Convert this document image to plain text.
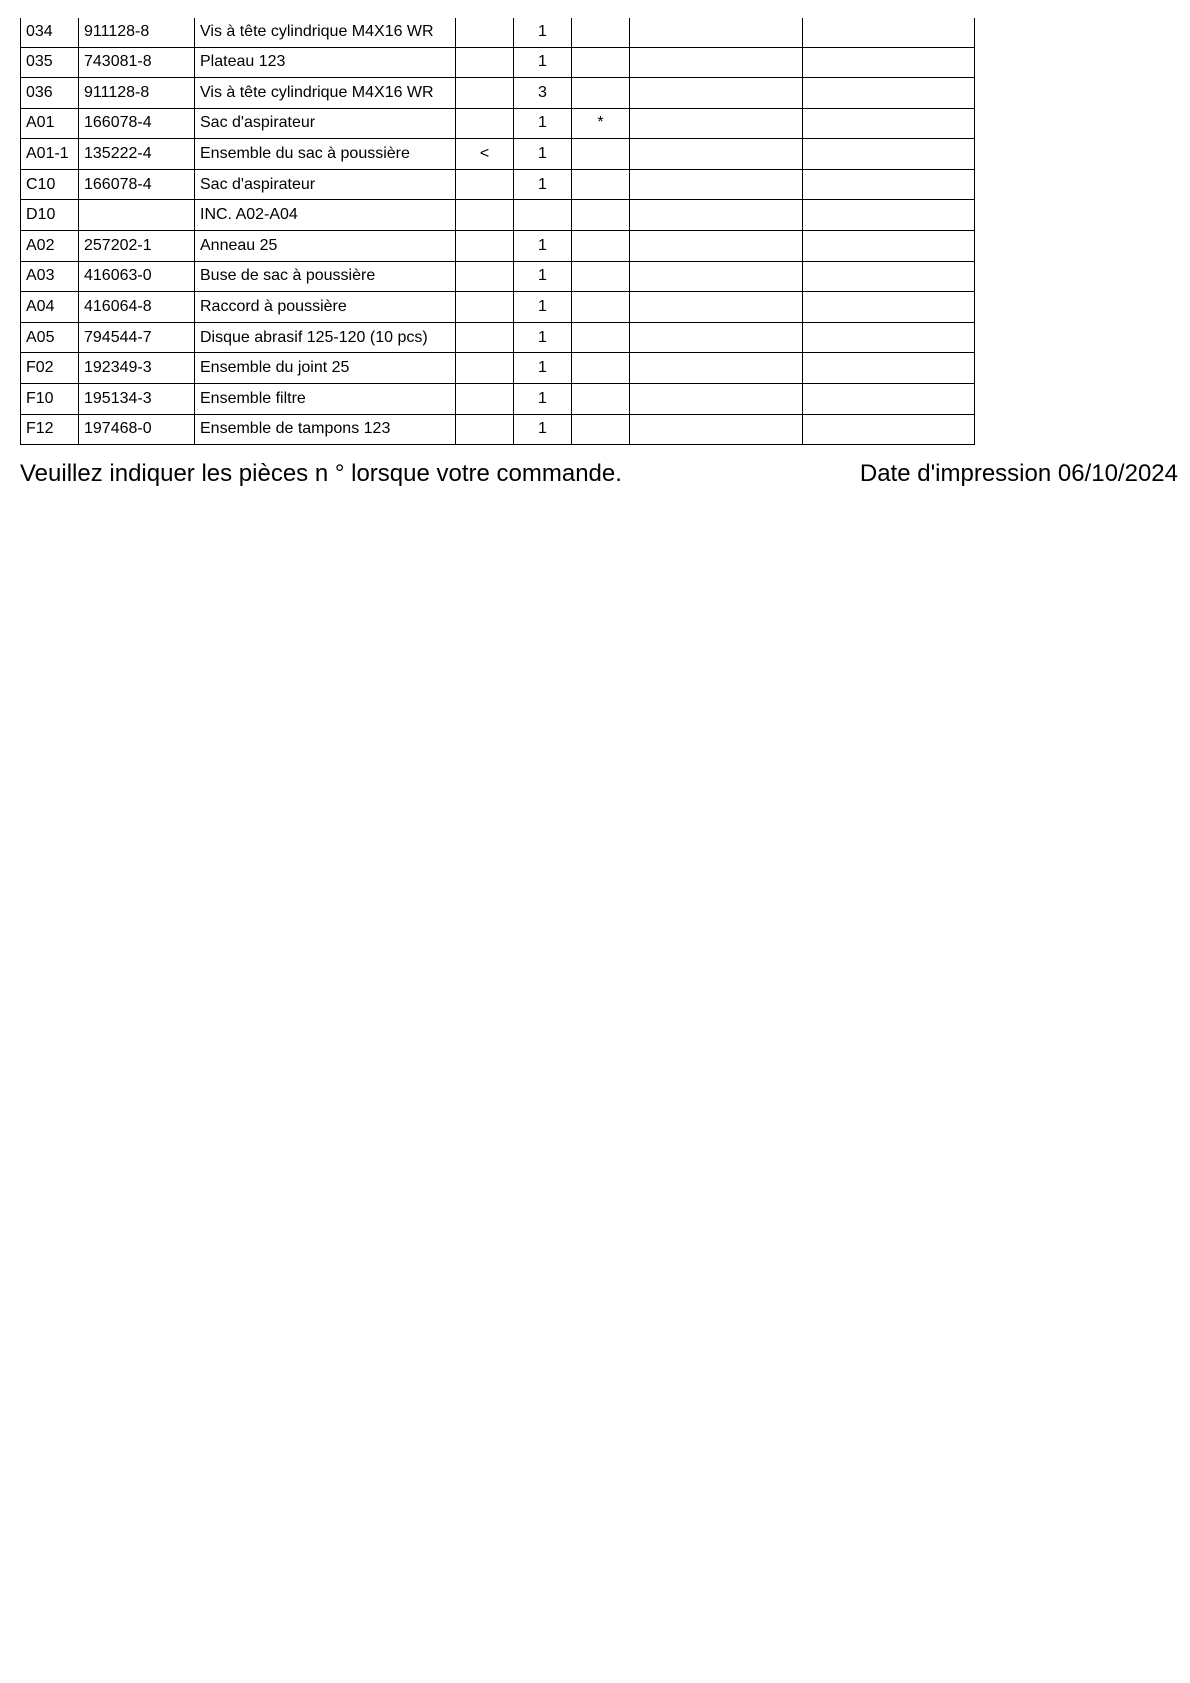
034	911128-8	Vis à tête cylindrique M4X16 WR		1			
035	743081-8	Plateau 123		1			
036	911128-8	Vis à tête cylindrique M4X16 WR		3			
A01	166078-4	Sac d'aspirateur		1	*		
A01-1	135222-4	Ensemble du sac à poussière	<	1			
C10	166078-4	Sac d'aspirateur		1			
D10		INC. A02-A04					
A02	257202-1	Anneau 25		1			
A03	416063-0	Buse de sac à poussière		1			
A04	416064-8	Raccord à poussière		1			
A05	794544-7	Disque abrasif 125-120 (10 pcs)		1			
F02	192349-3	Ensemble du joint 25		1			
F10	195134-3	Ensemble filtre		1			
F12	197468-0	Ensemble de tampons 123		1			
Veuillez indiquer les pièces n ° lorsque votre commande.	Date d'impression 06/10/2024
